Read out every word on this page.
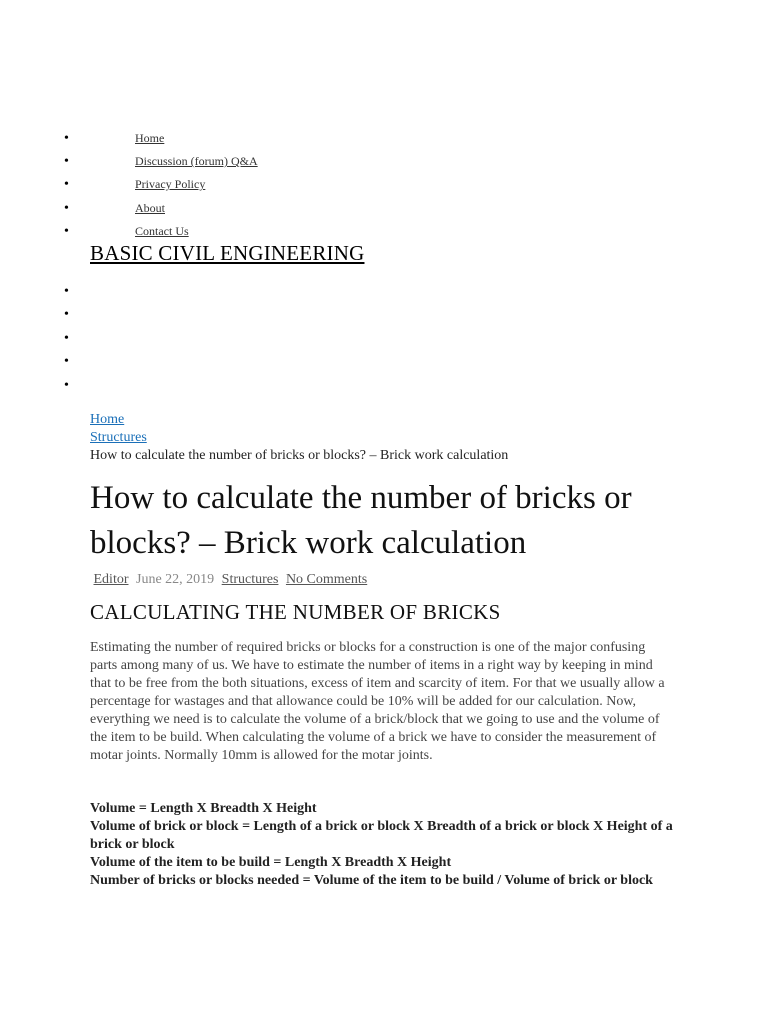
•	Home
•	Discussion (forum) Q&A
•	Privacy Policy
•	About
•	Contact Us
BASIC CIVIL ENGINEERING
•
•
•
•
•
Home
Structures
How to calculate the number of bricks or blocks? – Brick work calculation
How to calculate the number of bricks or blocks? – Brick work calculation
Editor June 22, 2019 Structures No Comments
CALCULATING THE NUMBER OF BRICKS

Estimating the number of required bricks or blocks for a construction is one of the major confusing parts among many of us. We have to estimate the number of items in a right way by keeping in mind that to be free from the both situations, excess of item and scarcity of item. For that we usually allow a percentage for wastages and that allowance could be 10% will be added for our calculation. Now, everything we need is to calculate the volume of a brick/block that we going to use and the volume of the item to be build. When calculating the volume of a brick we have to consider the measurement of motar joints. Normally 10mm is allowed for the motar joints.

Volume = Length X Breadth X Height

Volume of brick or block = Length of a brick or block X Breadth of a brick or block X Height of a brick or block

Volume of the item to be build = Length X Breadth X Height

Number of bricks or blocks needed = Volume of the item to be build / Volume of brick or block
